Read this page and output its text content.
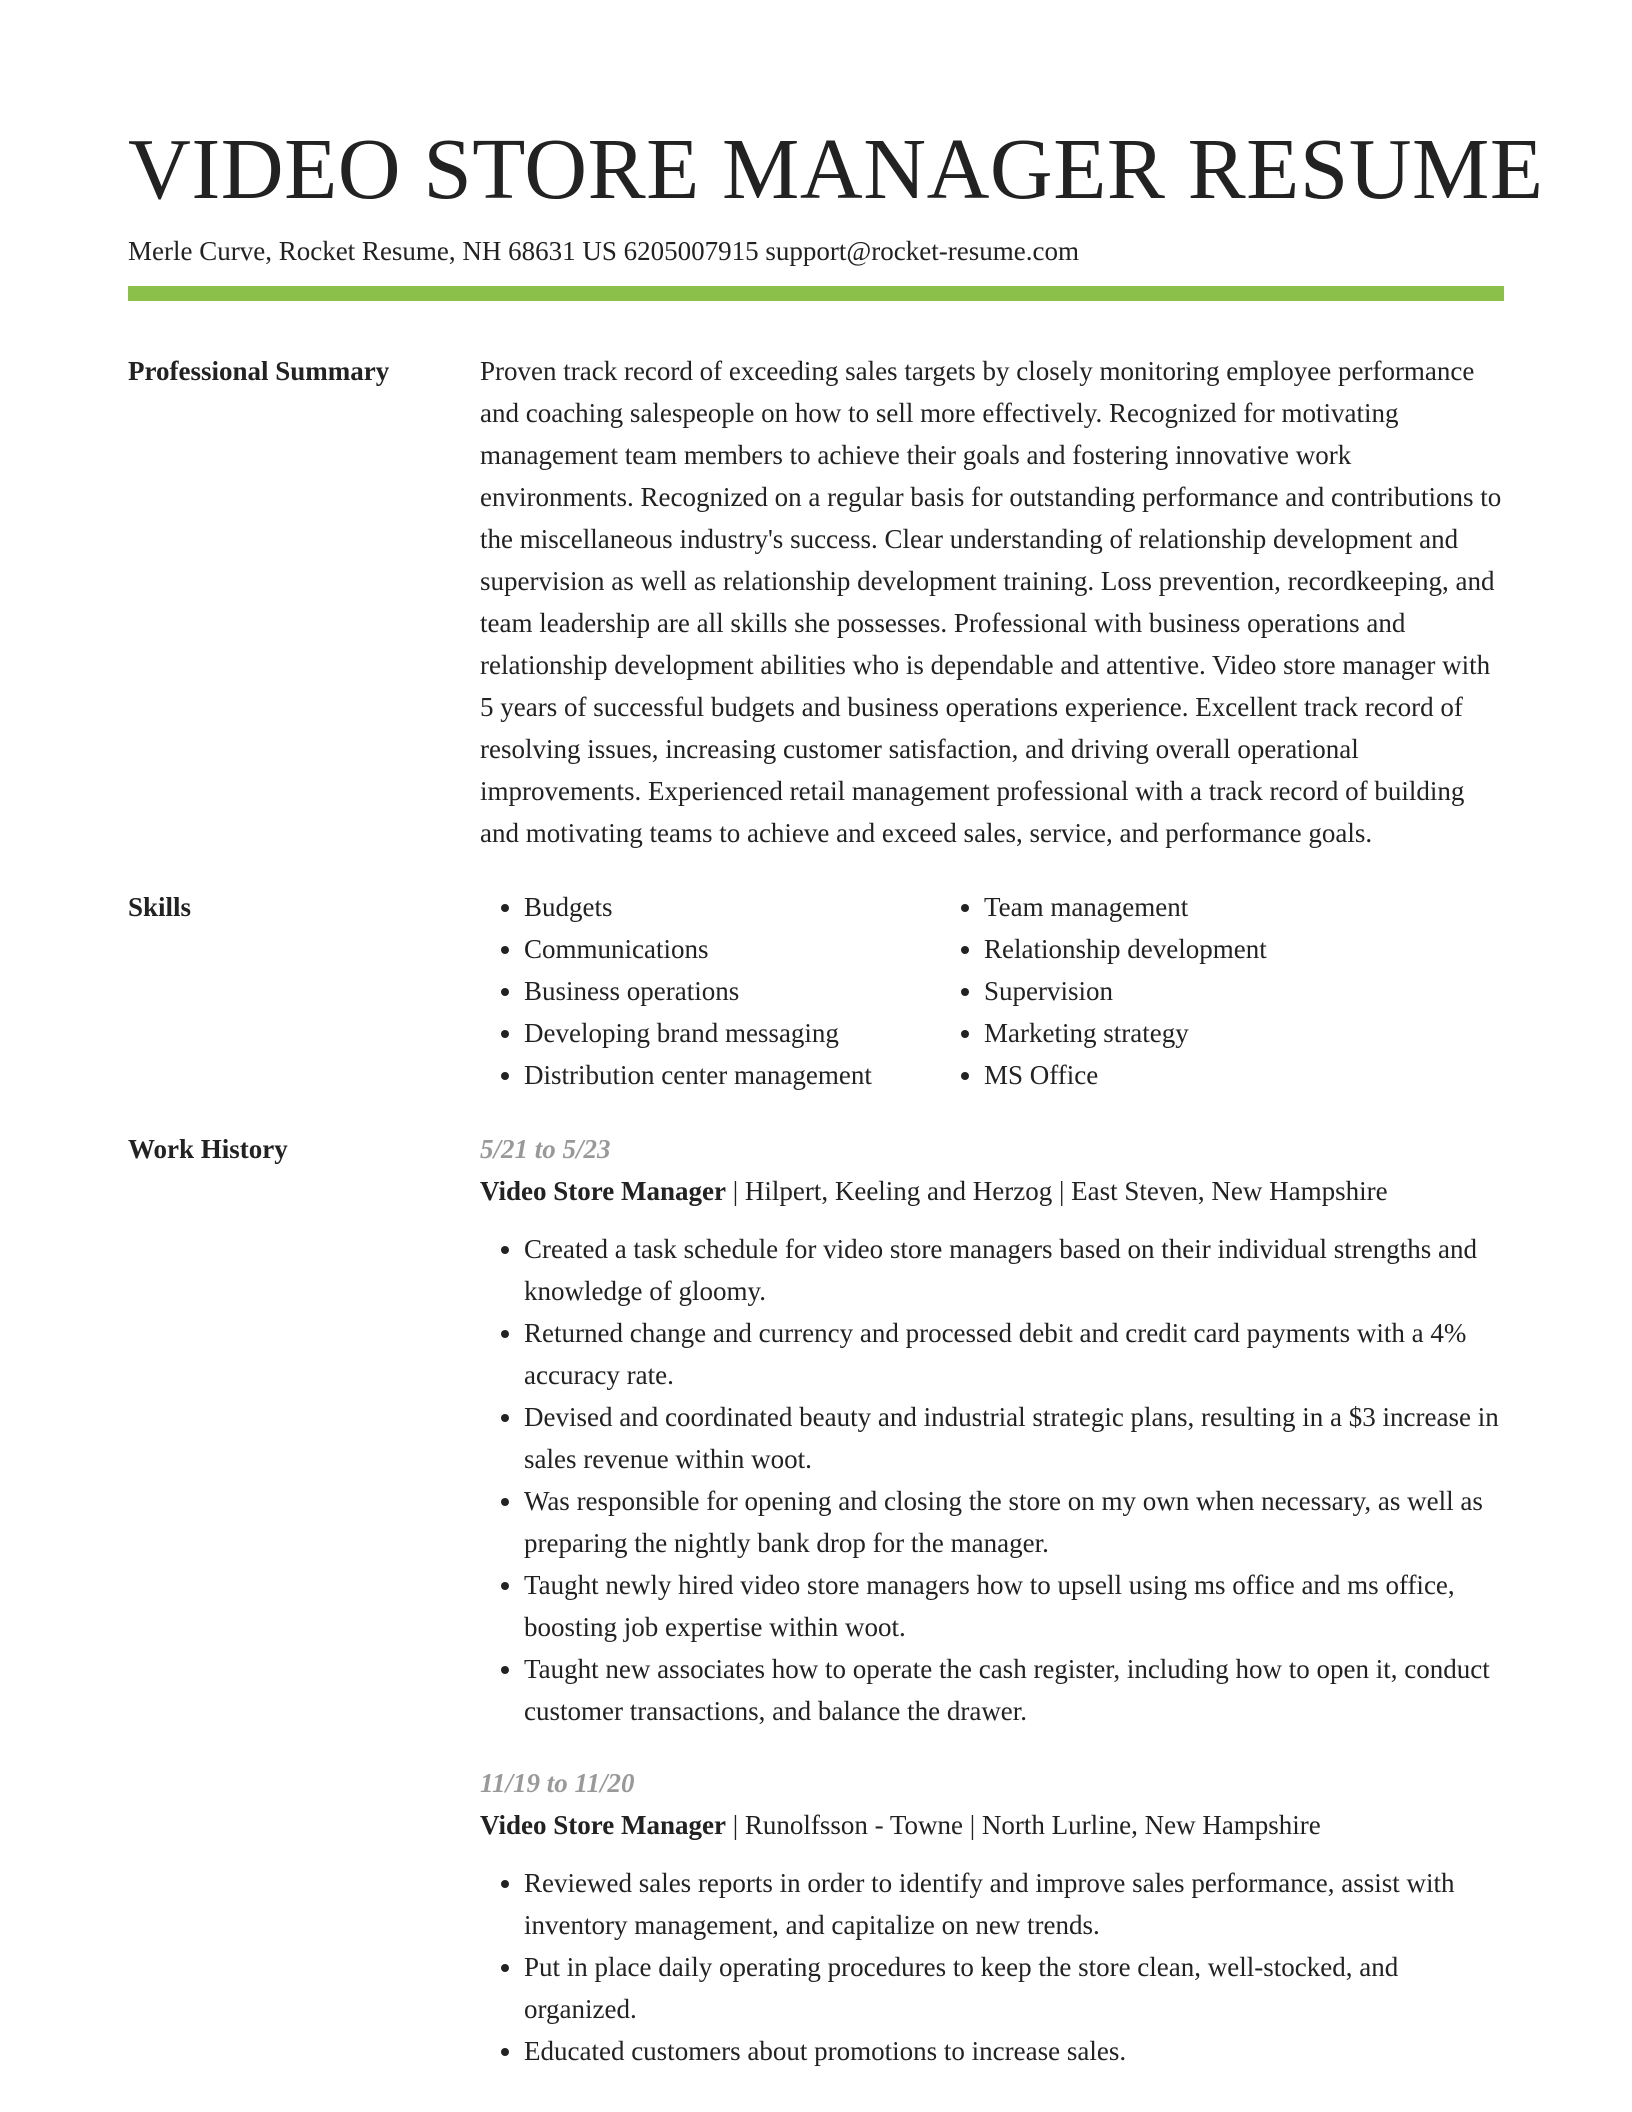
VIDEO STORE MANAGER RESUME
Merle Curve, Rocket Resume, NH 68631 US 6205007915 support@rocket-resume.com
Professional Summary	Proven track record of exceeding sales targets by closely monitoring employee performance and coaching salespeople on how to sell more effectively. Recognized for motivating management team members to achieve their goals and fostering innovative work environments. Recognized on a regular basis for outstanding performance and contributions to the miscellaneous industry's success. Clear understanding of relationship development and supervision as well as relationship development training. Loss prevention, recordkeeping, and team leadership are all skills she possesses. Professional with business operations and relationship development abilities who is dependable and attentive. Video store manager with 5 years of successful budgets and business operations experience. Excellent track record of resolving issues, increasing customer satisfaction, and driving overall operational improvements. Experienced retail management professional with a track record of building and motivating teams to achieve and exceed sales, service, and performance goals.

Skills
•	Budgets
• Communications
• Business operations
• Developing brand messaging
• Distribution center management
• Team management
• Relationship development
• Supervision
• Marketing strategy
• MS Office
Work History	5/21 to 5/23
Video Store Manager | Hilpert, Keeling and Herzog | East Steven, New Hampshire
• Created a task schedule for video store managers based on their individual strengths and knowledge of gloomy.
• Returned change and currency and processed debit and credit card payments with a 4% accuracy rate.
• Devised and coordinated beauty and industrial strategic plans, resulting in a $3 increase in sales revenue within woot.
• Was responsible for opening and closing the store on my own when necessary, as well as preparing the nightly bank drop for the manager.
• Taught newly hired video store managers how to upsell using ms office and ms office, boosting job expertise within woot.
• Taught new associates how to operate the cash register, including how to open it, conduct customer transactions, and balance the drawer.
11/19 to 11/20
Video Store Manager | Runolfsson - Towne | North Lurline, New Hampshire
• Reviewed sales reports in order to identify and improve sales performance, assist with inventory management, and capitalize on new trends.
• Put in place daily operating procedures to keep the store clean, well-stocked, and organized.
• Educated customers about promotions to increase sales.
